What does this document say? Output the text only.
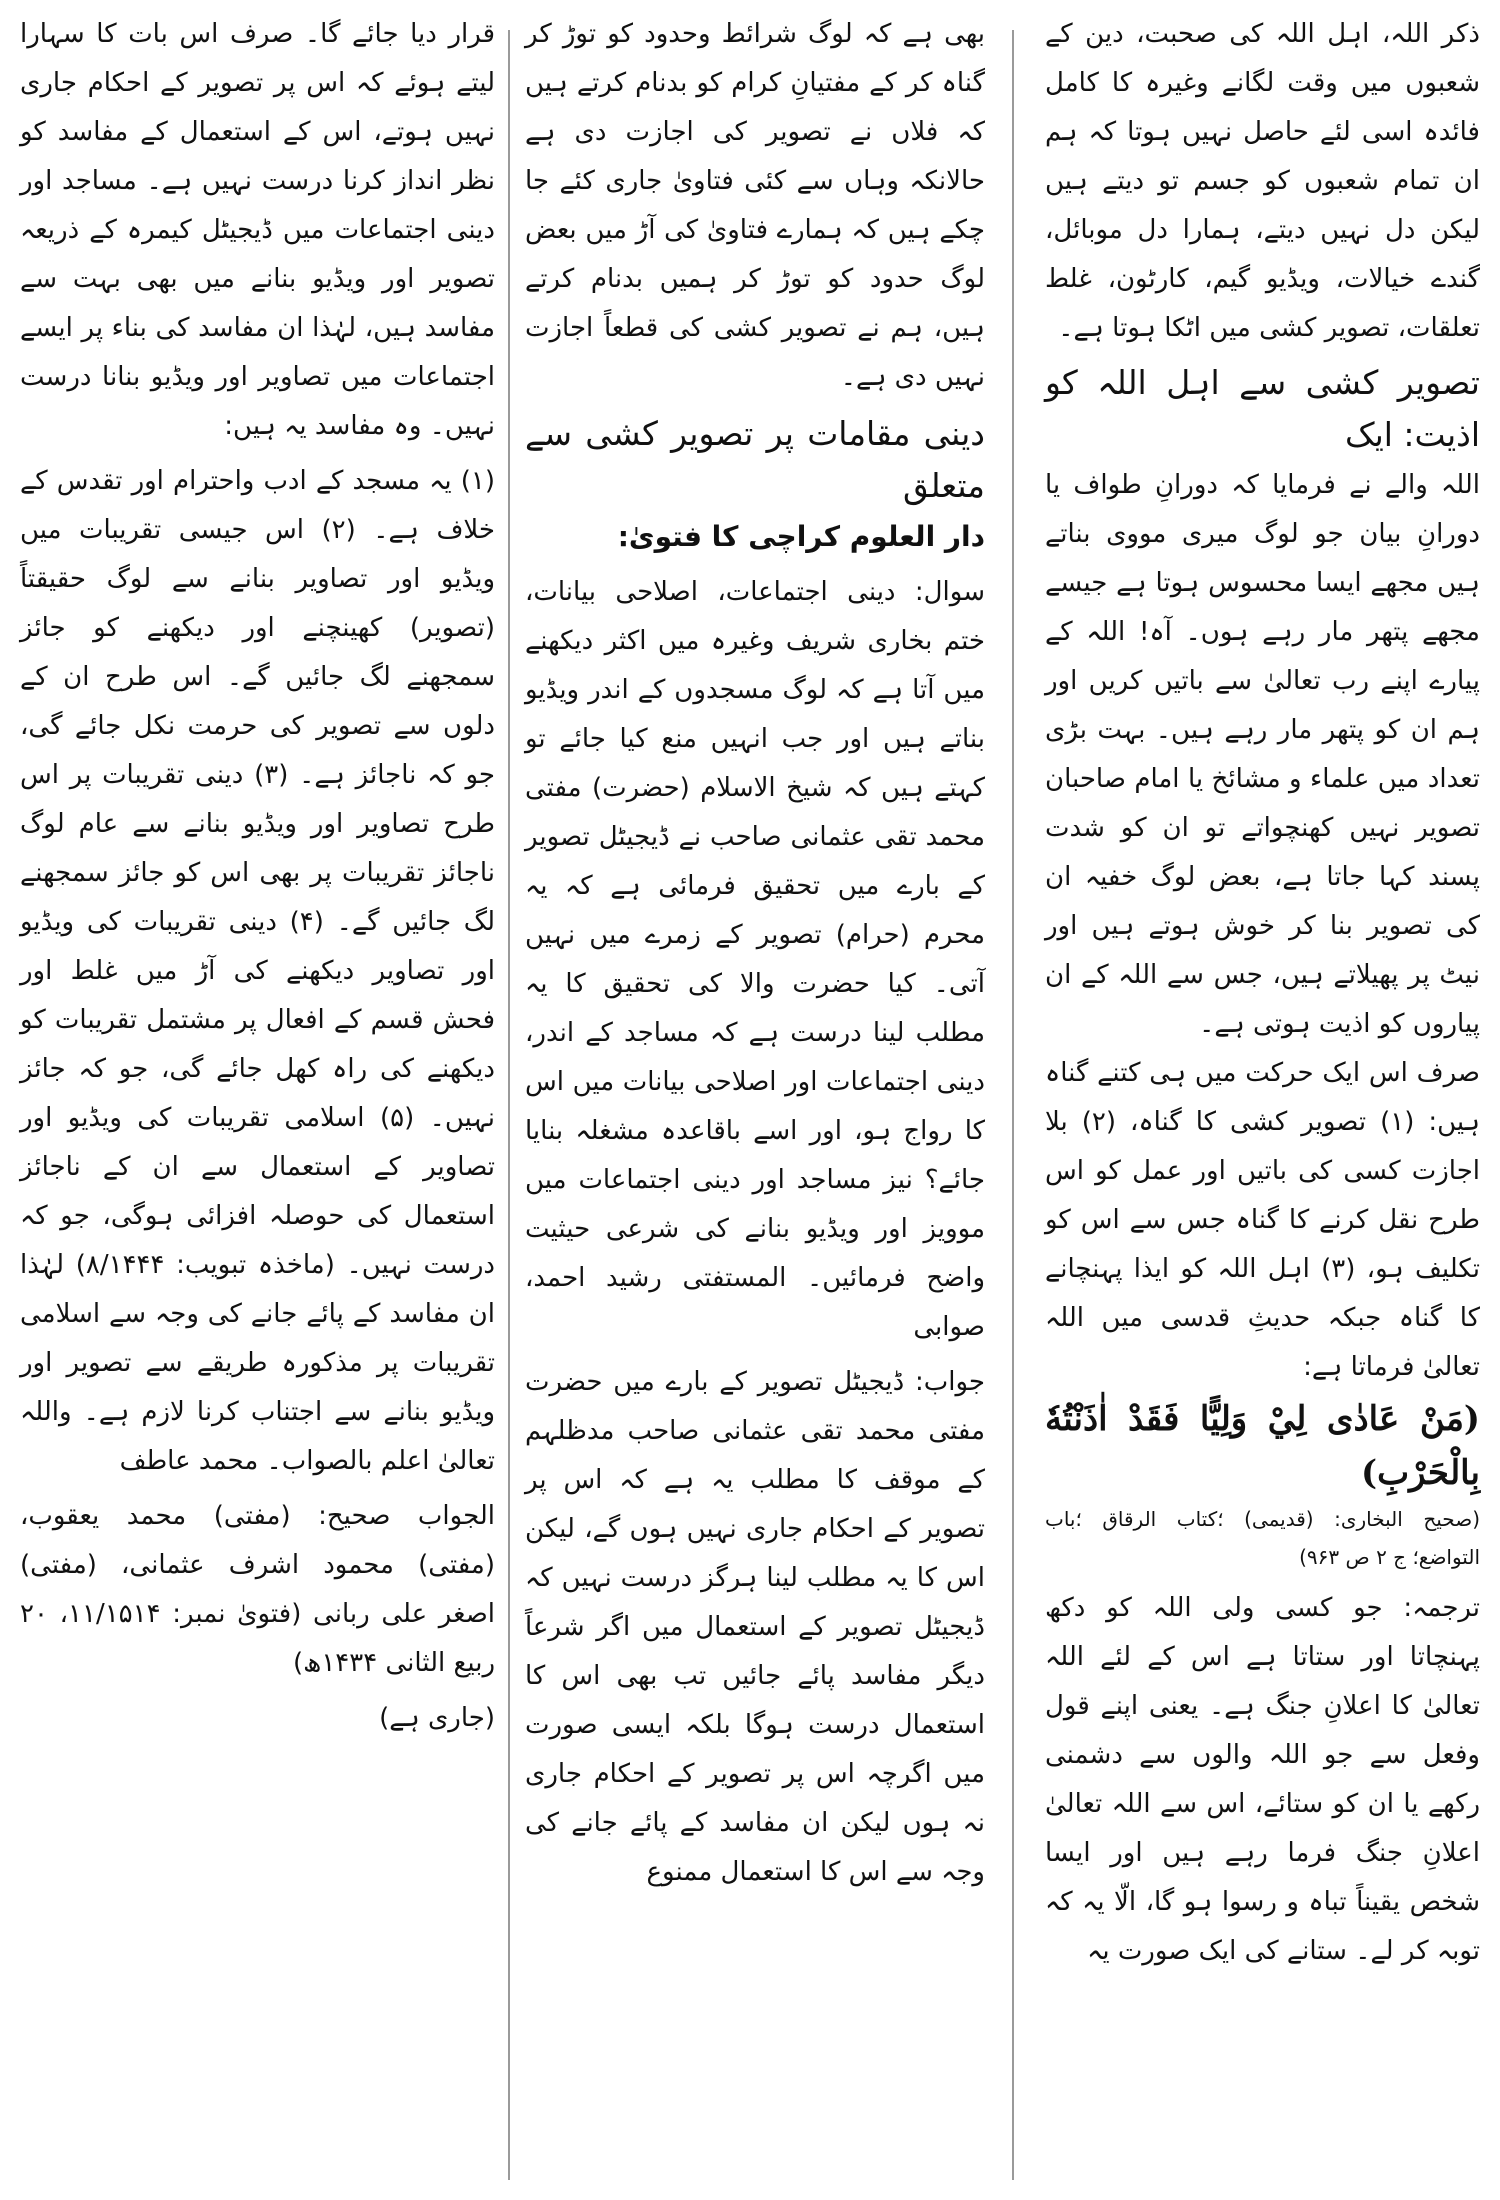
ذکر اللہ، اہل اللہ کی صحبت، دین کے شعبوں میں وقت لگانے وغیرہ کا کامل فائدہ اسی لئے حاصل نہیں ہوتا کہ ہم ان تمام شعبوں کو جسم تو دیتے ہیں لیکن دل نہیں دیتے، ہمارا دل موبائل، گندے خیالات، ویڈیو گیم، کارٹون، غلط تعلقات، تصویر کشی میں اٹکا ہوتا ہے۔

تصویر کشی سے اہل اللہ کو اذیت: ایک

اللہ والے نے فرمایا کہ دورانِ طواف یا دورانِ بیان جو لوگ میری مووی بناتے ہیں مجھے ایسا محسوس ہوتا ہے جیسے مجھے پتھر مار رہے ہوں۔ آہ! اللہ کے پیارے اپنے رب تعالیٰ سے باتیں کریں اور ہم ان کو پتھر مار رہے ہیں۔ بہت بڑی تعداد میں علماء و مشائخ یا امام صاحبان تصویر نہیں کھنچواتے تو ان کو شدت پسند کہا جاتا ہے، بعض لوگ خفیہ ان کی تصویر بنا کر خوش ہوتے ہیں اور نیٹ پر پھیلاتے ہیں، جس سے اللہ کے ان پیاروں کو اذیت ہوتی ہے۔

صرف اس ایک حرکت میں ہی کتنے گناہ ہیں: (۱) تصویر کشی کا گناہ، (۲) بلا اجازت کسی کی باتیں اور عمل کو اس طرح نقل کرنے کا گناہ جس سے اس کو تکلیف ہو، (۳) اہل اللہ کو ایذا پہنچانے کا گناہ جبکہ حدیثِ قدسی میں اللہ تعالیٰ فرماتا ہے:

(مَنْ عَادٰى لِيْ وَلِيًّا فَقَدْ اٰذَنْتُهٗ بِالْحَرْبِ)

(صحیح البخاری: (قدیمی) ؛کتاب الرقاق ؛باب التواضع؛ ج ۲ ص ۹۶۳)

ترجمہ: جو کسی ولی اللہ کو دکھ پہنچاتا اور ستاتا ہے اس کے لئے اللہ تعالیٰ کا اعلانِ جنگ ہے۔ یعنی اپنے قول وفعل سے جو اللہ والوں سے دشمنی رکھے یا ان کو ستائے، اس سے اللہ تعالیٰ اعلانِ جنگ فرما رہے ہیں اور ایسا شخص یقیناً تباہ و رسوا ہو گا، الّا یہ کہ توبہ کر لے۔ ستانے کی ایک صورت یہ

بھی ہے کہ لوگ شرائط وحدود کو توڑ کر گناہ کر کے مفتیانِ کرام کو بدنام کرتے ہیں کہ فلاں نے تصویر کی اجازت دی ہے حالانکہ وہاں سے کئی فتاویٰ جاری کئے جا چکے ہیں کہ ہمارے فتاویٰ کی آڑ میں بعض لوگ حدود کو توڑ کر ہمیں بدنام کرتے ہیں، ہم نے تصویر کشی کی قطعاً اجازت نہیں دی ہے۔

دینی مقامات پر تصویر کشی سے متعلق
دار العلوم کراچی کا فتویٰ:

سوال: دینی اجتماعات، اصلاحی بیانات، ختم بخاری شریف وغیرہ میں اکثر دیکھنے میں آتا ہے کہ لوگ مسجدوں کے اندر ویڈیو بناتے ہیں اور جب انہیں منع کیا جائے تو کہتے ہیں کہ شیخ الاسلام (حضرت) مفتی محمد تقی عثمانی صاحب نے ڈیجیٹل تصویر کے بارے میں تحقیق فرمائی ہے کہ یہ محرم (حرام) تصویر کے زمرے میں نہیں آتی۔ کیا حضرت والا کی تحقیق کا یہ مطلب لینا درست ہے کہ مساجد کے اندر، دینی اجتماعات اور اصلاحی بیانات میں اس کا رواج ہو، اور اسے باقاعدہ مشغلہ بنایا جائے؟ نیز مساجد اور دینی اجتماعات میں موویز اور ویڈیو بنانے کی شرعی حیثیت واضح فرمائیں۔ المستفتی رشید احمد، صوابی

جواب: ڈیجیٹل تصویر کے بارے میں حضرت مفتی محمد تقی عثمانی صاحب مدظلہم کے موقف کا مطلب یہ ہے کہ اس پر تصویر کے احکام جاری نہیں ہوں گے، لیکن اس کا یہ مطلب لینا ہرگز درست نہیں کہ ڈیجیٹل تصویر کے استعمال میں اگر شرعاً دیگر مفاسد پائے جائیں تب بھی اس کا استعمال درست ہوگا بلکہ ایسی صورت میں اگرچہ اس پر تصویر کے احکام جاری نہ ہوں لیکن ان مفاسد کے پائے جانے کی وجہ سے اس کا استعمال ممنوع

قرار دیا جائے گا۔ صرف اس بات کا سہارا لیتے ہوئے کہ اس پر تصویر کے احکام جاری نہیں ہوتے، اس کے استعمال کے مفاسد کو نظر انداز کرنا درست نہیں ہے۔ مساجد اور دینی اجتماعات میں ڈیجیٹل کیمرہ کے ذریعہ تصویر اور ویڈیو بنانے میں بھی بہت سے مفاسد ہیں، لہٰذا ان مفاسد کی بناء پر ایسے اجتماعات میں تصاویر اور ویڈیو بنانا درست نہیں۔ وہ مفاسد یہ ہیں:

(۱) یہ مسجد کے ادب واحترام اور تقدس کے خلاف ہے۔ (۲) اس جیسی تقریبات میں ویڈیو اور تصاویر بنانے سے لوگ حقیقتاً (تصویر) کھینچنے اور دیکھنے کو جائز سمجھنے لگ جائیں گے۔ اس طرح ان کے دلوں سے تصویر کی حرمت نکل جائے گی، جو کہ ناجائز ہے۔ (۳) دینی تقریبات پر اس طرح تصاویر اور ویڈیو بنانے سے عام لوگ ناجائز تقریبات پر بھی اس کو جائز سمجھنے لگ جائیں گے۔ (۴) دینی تقریبات کی ویڈیو اور تصاویر دیکھنے کی آڑ میں غلط اور فحش قسم کے افعال پر مشتمل تقریبات کو دیکھنے کی راہ کھل جائے گی، جو کہ جائز نہیں۔ (۵) اسلامی تقریبات کی ویڈیو اور تصاویر کے استعمال سے ان کے ناجائز استعمال کی حوصلہ افزائی ہوگی، جو کہ درست نہیں۔ (ماخذہ تبویب: ۸/۱۴۴۴) لہٰذا ان مفاسد کے پائے جانے کی وجہ سے اسلامی تقریبات پر مذکورہ طریقے سے تصویر اور ویڈیو بنانے سے اجتناب کرنا لازم ہے۔ واللہ تعالیٰ اعلم بالصواب۔ محمد عاطف

الجواب صحیح: (مفتی) محمد یعقوب، (مفتی) محمود اشرف عثمانی، (مفتی) اصغر علی ربانی (فتویٰ نمبر: ۱۱/۱۵۱۴، ۲۰ ربیع الثانی ۱۴۳۴ھ)

(جاری ہے)
